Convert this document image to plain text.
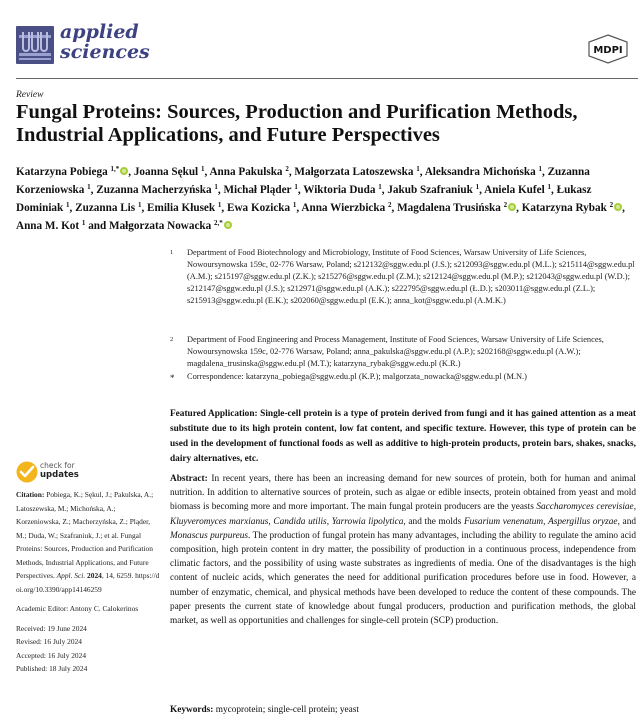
applied
sciences	MDPI
Review
Fungal Proteins: Sources, Production and Purification Methods,
Industrial Applications, and Future Perspectives
Katarzyna Pobiega $^{1,*}$ , Joanna Sękul $^1$, Anna Pakulska $^2$, Małgorzata Latoszewska $^1$, Aleksandra Michońska $^1$, Zuzanna Korzeniowska $^1$, Zuzanna Macherzyńska $^1$, Michał Pląder $^1$, Wiktoria Duda $^1$, Jakub Szafraniuk $^1$, Aniela Kufel $^1$, Łukasz Dominiak $^1$, Zuzanna Lis $^1$, Emilia Kłusek $^1$, Ewa Kozicka $^1$, Anna Wierzbicka $^2$, Magdalena Trusińska $^2$ , Katarzyna Rybak $^2$ , Anna M. Kot $^1$ and Małgorzata Nowacka $^{2,*}$
1 Department of Food Biotechnology and Microbiology, Institute of Food Sciences, Warsaw University of Life Sciences, Nowoursynowska 159c, 02-776 Warsaw, Poland; s212132@sggw.edu.pl (J.S.); s212093@sggw.edu.pl (M.L.); s215114@sggw.edu.pl (A.M.); s215197@sggw.edu.pl (Z.K.); s215276@sggw.edu.pl (Z.M.); s212124@sggw.edu.pl (M.P.); s212043@sggw.edu.pl (W.D.); s212147@sggw.edu.pl (J.S.); s212971@sggw.edu.pl (A.K.); s222795@sggw.edu.pl (Ł.D.); s203011@sggw.edu.pl (Z.L.); s215913@sggw.edu.pl (E.K.); s202060@sggw.edu.pl (E.K.); anna_kot@sggw.edu.pl (A.M.K.)
2 Department of Food Engineering and Process Management, Institute of Food Sciences, Warsaw University of Life Sciences, Nowoursynowska 159c, 02-776 Warsaw, Poland; anna_pakulska@sggw.edu.pl (A.P.); s202168@sggw.edu.pl (A.W.); magdalena_trusinska@sggw.edu.pl (M.T.); katarzyna_rybak@sggw.edu.pl (K.R.)
* Correspondence: katarzyna_pobiega@sggw.edu.pl (K.P.); malgorzata_nowacka@sggw.edu.pl (M.N.)
Featured Application: Single-cell protein is a type of protein derived from fungi and it has gained attention as a meat substitute due to its high protein content, low fat content, and specific texture. However, this type of protein can be used in the development of functional foods as well as additive to high-protein products, protein bars, shakes, snacks, dairy alternatives, etc.
check for
updates
Citation: Pobiega, K.; Sękul, J.; Pakulska, A.; Latoszewska, M.; Michońska, A.; Korzeniowska, Z.; Macherzyńska, Z.; Pląder, M.; Duda, W.; Szafraniuk, J.; et al. Fungal Proteins: Sources, Production and Purification Methods, Industrial Applications, and Future Perspectives. Appl. Sci. 2024, 14, 6259. https://doi.org/10.3390/app14146259
Academic Editor: Antony C. Calokerinos
Received: 19 June 2024
Revised: 16 July 2024
Accepted: 16 July 2024
Published: 18 July 2024
Abstract: In recent years, there has been an increasing demand for new sources of protein, both for human and animal nutrition. In addition to alternative sources of protein, such as algae or edible insects, protein obtained from yeast and mold biomass is becoming more and more important. The main fungal protein producers are the yeasts Saccharomyces cerevisiae, Kluyveromyces marxianus, Candida utilis, Yarrowia lipolytica, and the molds Fusarium venenatum, Aspergillus oryzae, and Monascus purpureus. The production of fungal protein has many advantages, including the ability to regulate the amino acid composition, high protein content in dry matter, the possibility of production in a continuous process, independence from climatic factors, and the possibility of using waste substrates as ingredients of media. One of the disadvantages is the high content of nucleic acids, which generates the need for additional purification procedures before use in food. However, a number of enzymatic, chemical, and physical methods have been developed to reduce the content of these compounds. The paper presents the current state of knowledge about fungal producers, production and purification methods, the global market, as well as opportunities and challenges for single-cell protein (SCP) production.
Keywords: mycoprotein; single-cell protein; yeast
